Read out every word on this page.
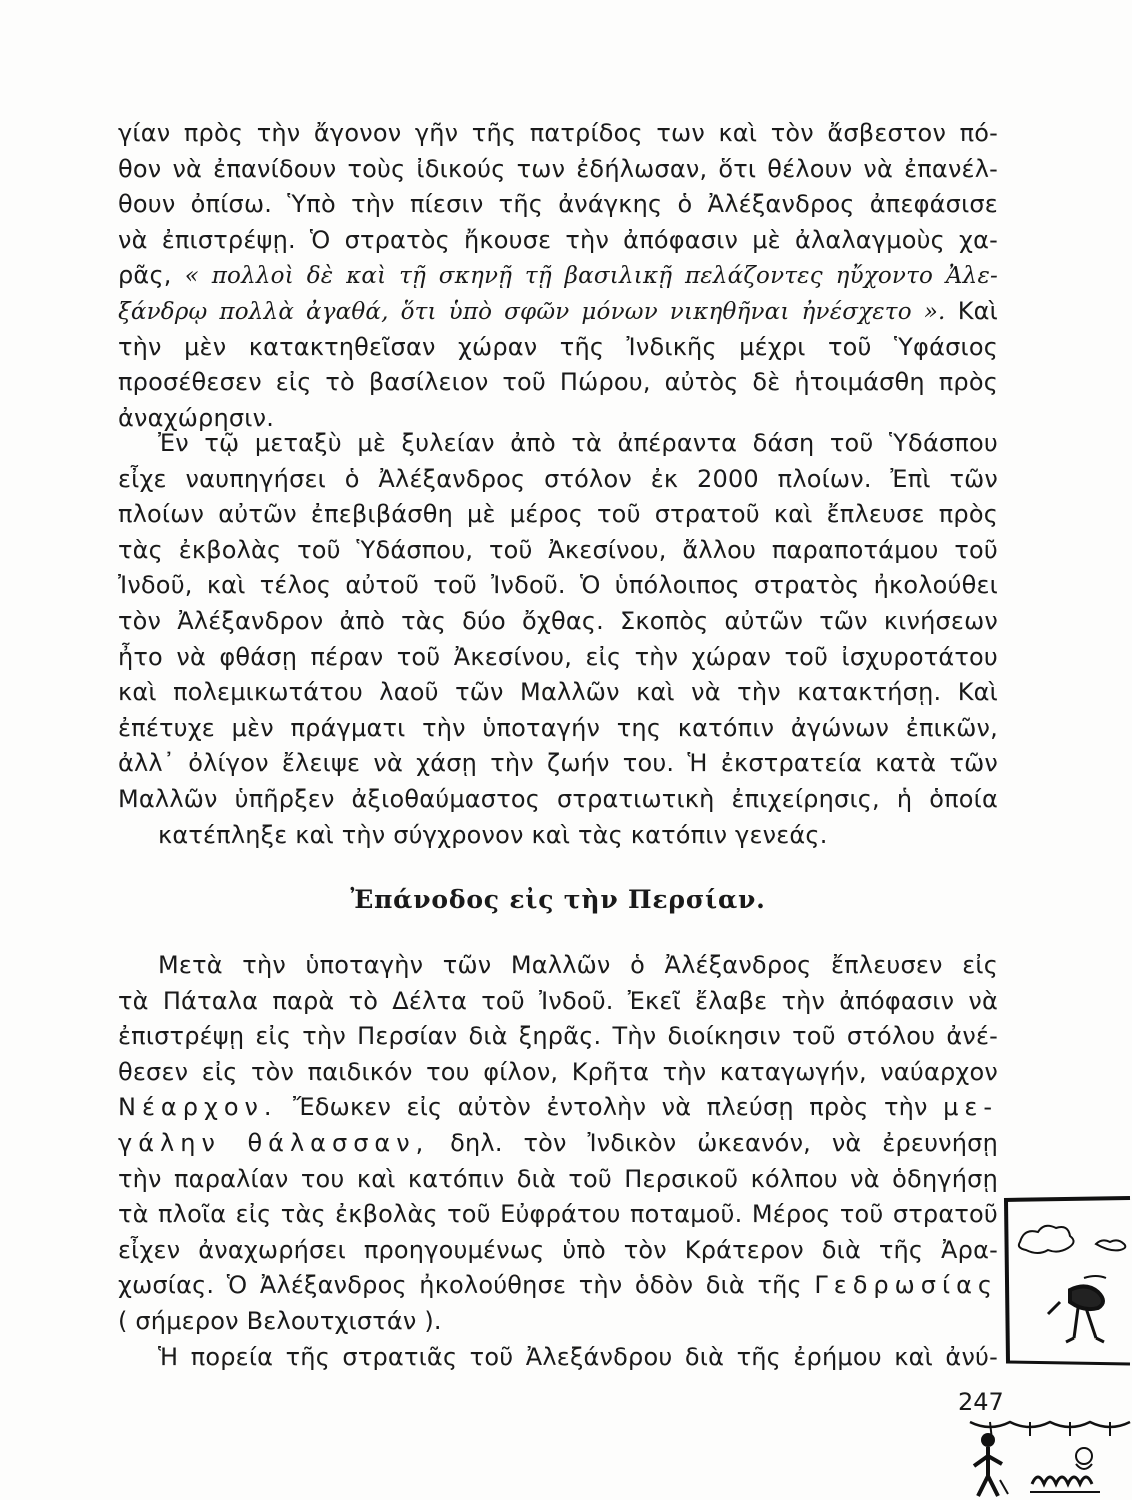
γίαν πρὸς τὴν ἄγονον γῆν τῆς πατρίδος των καὶ τὸν ἄσβεστον πό-
θον νὰ ἐπανίδουν τοὺς ἰδικούς των ἐδήλωσαν, ὅτι θέλουν νὰ ἐπανέλ-
θουν ὀπίσω. Ὑπὸ τὴν πίεσιν τῆς ἀνάγκης ὁ Ἀλέξανδρος ἀπεφάσισε
νὰ ἐπιστρέψῃ. Ὁ στρατὸς ἤκουσε τὴν ἀπόφασιν μὲ ἀλαλαγμοὺς χα-
ρᾶς, « πολλοὶ δὲ καὶ τῇ σκηνῇ τῇ βασιλικῇ πελάζοντες ηὔχοντο Ἀλε-
ξάνδρῳ πολλὰ ἀγαθά, ὅτι ὑπὸ σφῶν μόνων νικηθῆναι ἠνέσχετο ». Καὶ
τὴν μὲν κατακτηθεῖσαν χώραν τῆς Ἰνδικῆς μέχρι τοῦ Ὑφάσιος
προσέθεσεν εἰς τὸ βασίλειον τοῦ Πώρου, αὐτὸς δὲ ἡτοιμάσθη πρὸς
ἀναχώρησιν.
Ἐν τῷ μεταξὺ μὲ ξυλείαν ἀπὸ τὰ ἀπέραντα δάση τοῦ Ὑδάσπου
εἶχε ναυπηγήσει ὁ Ἀλέξανδρος στόλον ἐκ 2000 πλοίων. Ἐπὶ τῶν
πλοίων αὐτῶν ἐπεβιβάσθη μὲ μέρος τοῦ στρατοῦ καὶ ἔπλευσε πρὸς
τὰς ἐκβολὰς τοῦ Ὑδάσπου, τοῦ Ἀκεσίνου, ἄλλου παραποτάμου τοῦ
Ἰνδοῦ, καὶ τέλος αὐτοῦ τοῦ Ἰνδοῦ. Ὁ ὑπόλοιπος στρατὸς ἠκολούθει
τὸν Ἀλέξανδρον ἀπὸ τὰς δύο ὄχθας. Σκοπὸς αὐτῶν τῶν κινήσεων
ἦτο νὰ φθάσῃ πέραν τοῦ Ἀκεσίνου, εἰς τὴν χώραν τοῦ ἰσχυροτάτου
καὶ πολεμικωτάτου λαοῦ τῶν Μαλλῶν καὶ νὰ τὴν κατακτήσῃ. Καὶ
ἐπέτυχε μὲν πράγματι τὴν ὑποταγήν της κατόπιν ἀγώνων ἐπικῶν,
ἀλλ᾽ ὀλίγον ἔλειψε νὰ χάσῃ τὴν ζωήν του. Ἡ ἐκστρατεία κατὰ τῶν
Μαλλῶν ὑπῆρξεν ἀξιοθαύμαστος στρατιωτικὴ ἐπιχείρησις, ἡ ὁποία
κατέπληξε καὶ τὴν σύγχρονον καὶ τὰς κατόπιν γενεάς.
Ἐπάνοδος εἰς τὴν Περσίαν.
Μετὰ τὴν ὑποταγὴν τῶν Μαλλῶν ὁ Ἀλέξανδρος ἔπλευσεν εἰς
τὰ Πάταλα παρὰ τὸ Δέλτα τοῦ Ἰνδοῦ. Ἐκεῖ ἔλαβε τὴν ἀπόφασιν νὰ
ἐπιστρέψῃ εἰς τὴν Περσίαν διὰ ξηρᾶς. Τὴν διοίκησιν τοῦ στόλου ἀνέ-
θεσεν εἰς τὸν παιδικόν του φίλον, Κρῆτα τὴν καταγωγήν, ναύαρχον
Νέαρχον. Ἔδωκεν εἰς αὐτὸν ἐντολὴν νὰ πλεύσῃ πρὸς τὴν με-
γάλην θάλασσαν, δηλ. τὸν Ἰνδικὸν ὠκεανόν, νὰ ἐρευνήσῃ
τὴν παραλίαν του καὶ κατόπιν διὰ τοῦ Περσικοῦ κόλπου νὰ ὁδηγήσῃ
τὰ πλοῖα εἰς τὰς ἐκβολὰς τοῦ Εὐφράτου ποταμοῦ. Μέρος τοῦ στρατοῦ
εἶχεν ἀναχωρήσει προηγουμένως ὑπὸ τὸν Κράτερον διὰ τῆς Ἀρα-
χωσίας. Ὁ Ἀλέξανδρος ἠκολούθησε τὴν ὁδὸν διὰ τῆς Γεδρωσίας
( σήμερον Βελουτχιστάν ).
Ἡ πορεία τῆς στρατιᾶς τοῦ Ἀλεξάνδρου διὰ τῆς ἐρήμου καὶ ἀνύ-
247
